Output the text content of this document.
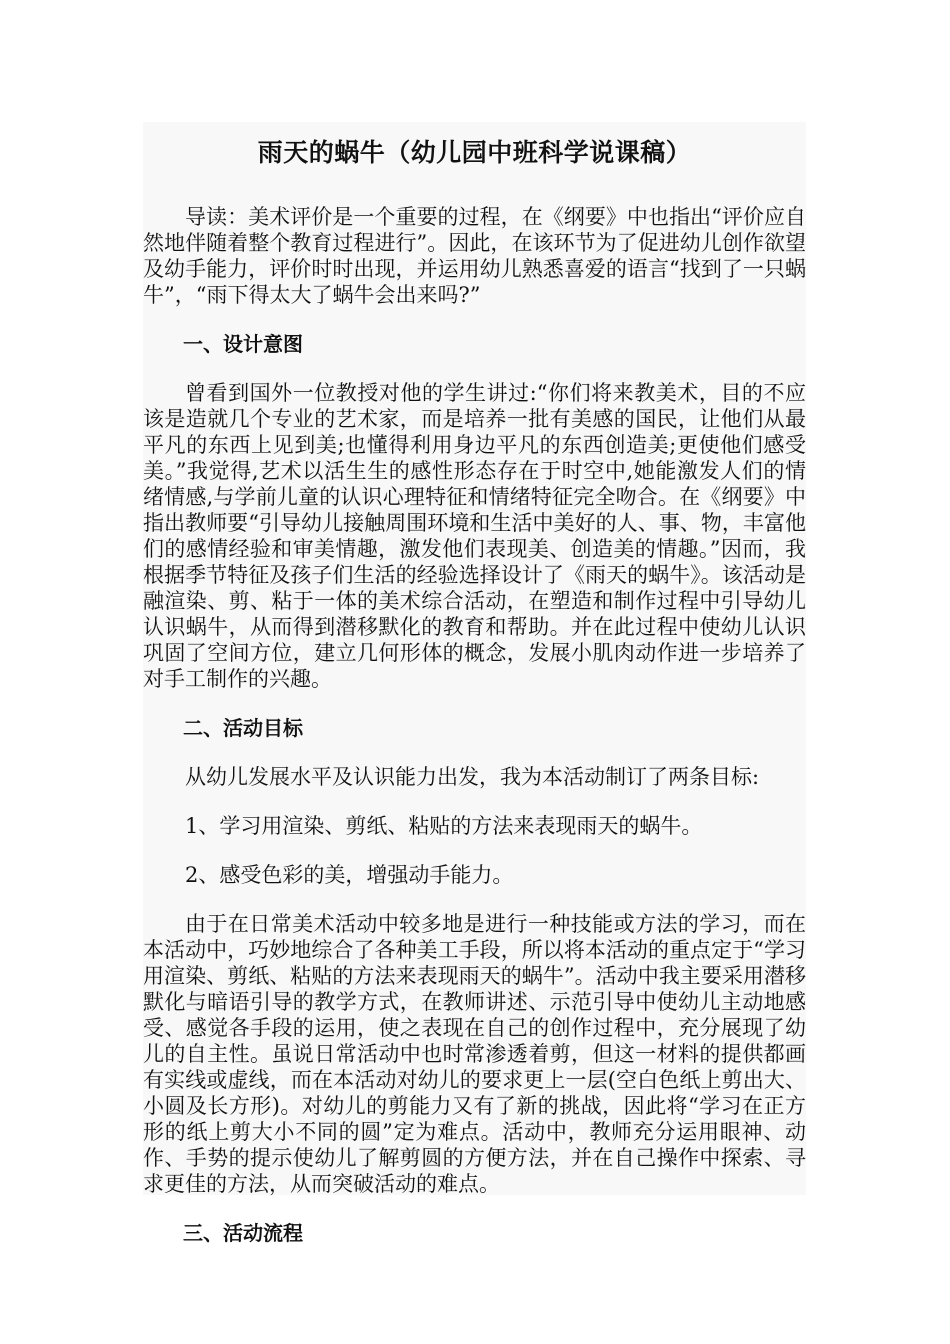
雨天的蜗牛（幼儿园中班科学说课稿）

导读：美术评价是一个重要的过程，在《纲要》中也指出“评价应自然地伴随着整个教育过程进行”。因此，在该环节为了促进幼儿创作欲望及幼手能力，评价时时出现，并运用幼儿熟悉喜爱的语言“找到了一只蜗牛”，“雨下得太大了蜗牛会出来吗?”

一、设计意图

曾看到国外一位教授对他的学生讲过:“你们将来教美术，目的不应该是造就几个专业的艺术家，而是培养一批有美感的国民，让他们从最平凡的东西上见到美;也懂得利用身边平凡的东西创造美;更使他们感受美。”我觉得,艺术以活生生的感性形态存在于时空中,她能激发人们的情绪情感,与学前儿童的认识心理特征和情绪特征完全吻合。在《纲要》中指出教师要“引导幼儿接触周围环境和生活中美好的人、事、物，丰富他们的感情经验和审美情趣，激发他们表现美、创造美的情趣。”因而，我根据季节特征及孩子们生活的经验选择设计了《雨天的蜗牛》。该活动是融渲染、剪、粘于一体的美术综合活动，在塑造和制作过程中引导幼儿认识蜗牛，从而得到潜移默化的教育和帮助。并在此过程中使幼儿认识巩固了空间方位，建立几何形体的概念，发展小肌肉动作进一步培养了对手工制作的兴趣。

二、活动目标

从幼儿发展水平及认识能力出发，我为本活动制订了两条目标:

1、学习用渲染、剪纸、粘贴的方法来表现雨天的蜗牛。

2、感受色彩的美，增强动手能力。

由于在日常美术活动中较多地是进行一种技能或方法的学习，而在本活动中，巧妙地综合了各种美工手段，所以将本活动的重点定于“学习用渲染、剪纸、粘贴的方法来表现雨天的蜗牛”。活动中我主要采用潜移默化与暗语引导的教学方式，在教师讲述、示范引导中使幼儿主动地感受、感觉各手段的运用，使之表现在自己的创作过程中，充分展现了幼儿的自主性。虽说日常活动中也时常渗透着剪，但这一材料的提供都画有实线或虚线，而在本活动对幼儿的要求更上一层(空白色纸上剪出大、小圆及长方形)。对幼儿的剪能力又有了新的挑战，因此将“学习在正方形的纸上剪大小不同的圆”定为难点。活动中，教师充分运用眼神、动作、手势的提示使幼儿了解剪圆的方便方法，并在自己操作中探索、寻求更佳的方法，从而突破活动的难点。

三、活动流程
